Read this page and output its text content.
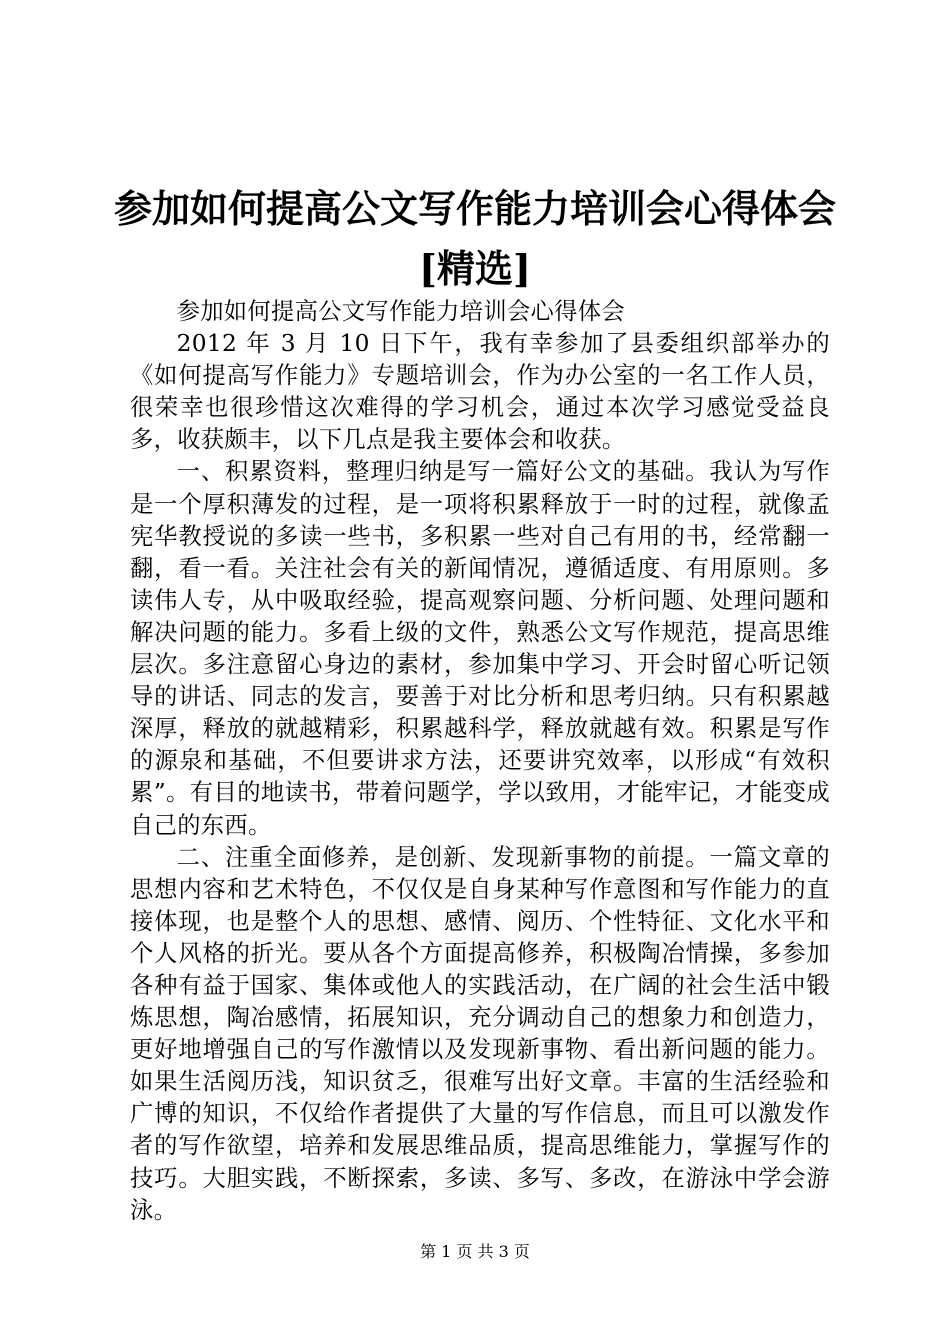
参加如何提高公文写作能力培训会心得体会
[精选]

参加如何提高公文写作能力培训会心得体会

2012 年 3 月 10 日下午，我有幸参加了县委组织部举办的《如何提高写作能力》专题培训会，作为办公室的一名工作人员，很荣幸也很珍惜这次难得的学习机会，通过本次学习感觉受益良多，收获颇丰，以下几点是我主要体会和收获。

一、积累资料，整理归纳是写一篇好公文的基础。我认为写作是一个厚积薄发的过程，是一项将积累释放于一时的过程，就像孟宪华教授说的多读一些书，多积累一些对自己有用的书，经常翻一翻，看一看。关注社会有关的新闻情况，遵循适度、有用原则。多读伟人专，从中吸取经验，提高观察问题、分析问题、处理问题和解决问题的能力。多看上级的文件，熟悉公文写作规范，提高思维层次。多注意留心身边的素材，参加集中学习、开会时留心听记领导的讲话、同志的发言，要善于对比分析和思考归纳。只有积累越深厚，释放的就越精彩，积累越科学，释放就越有效。积累是写作的源泉和基础，不但要讲求方法，还要讲究效率，以形成“有效积累”。有目的地读书，带着问题学，学以致用，才能牢记，才能变成自己的东西。

二、注重全面修养，是创新、发现新事物的前提。一篇文章的思想内容和艺术特色，不仅仅是自身某种写作意图和写作能力的直接体现，也是整个人的思想、感情、阅历、个性特征、文化水平和个人风格的折光。要从各个方面提高修养，积极陶冶情操，多参加各种有益于国家、集体或他人的实践活动，在广阔的社会生活中锻炼思想，陶冶感情，拓展知识，充分调动自己的想象力和创造力，更好地增强自己的写作激情以及发现新事物、看出新问题的能力。如果生活阅历浅，知识贫乏，很难写出好文章。丰富的生活经验和广博的知识，不仅给作者提供了大量的写作信息，而且可以激发作者的写作欲望，培养和发展思维品质，提高思维能力，掌握写作的技巧。大胆实践，不断探索，多读、多写、多改，在游泳中学会游泳。

第 1 页 共 3 页
